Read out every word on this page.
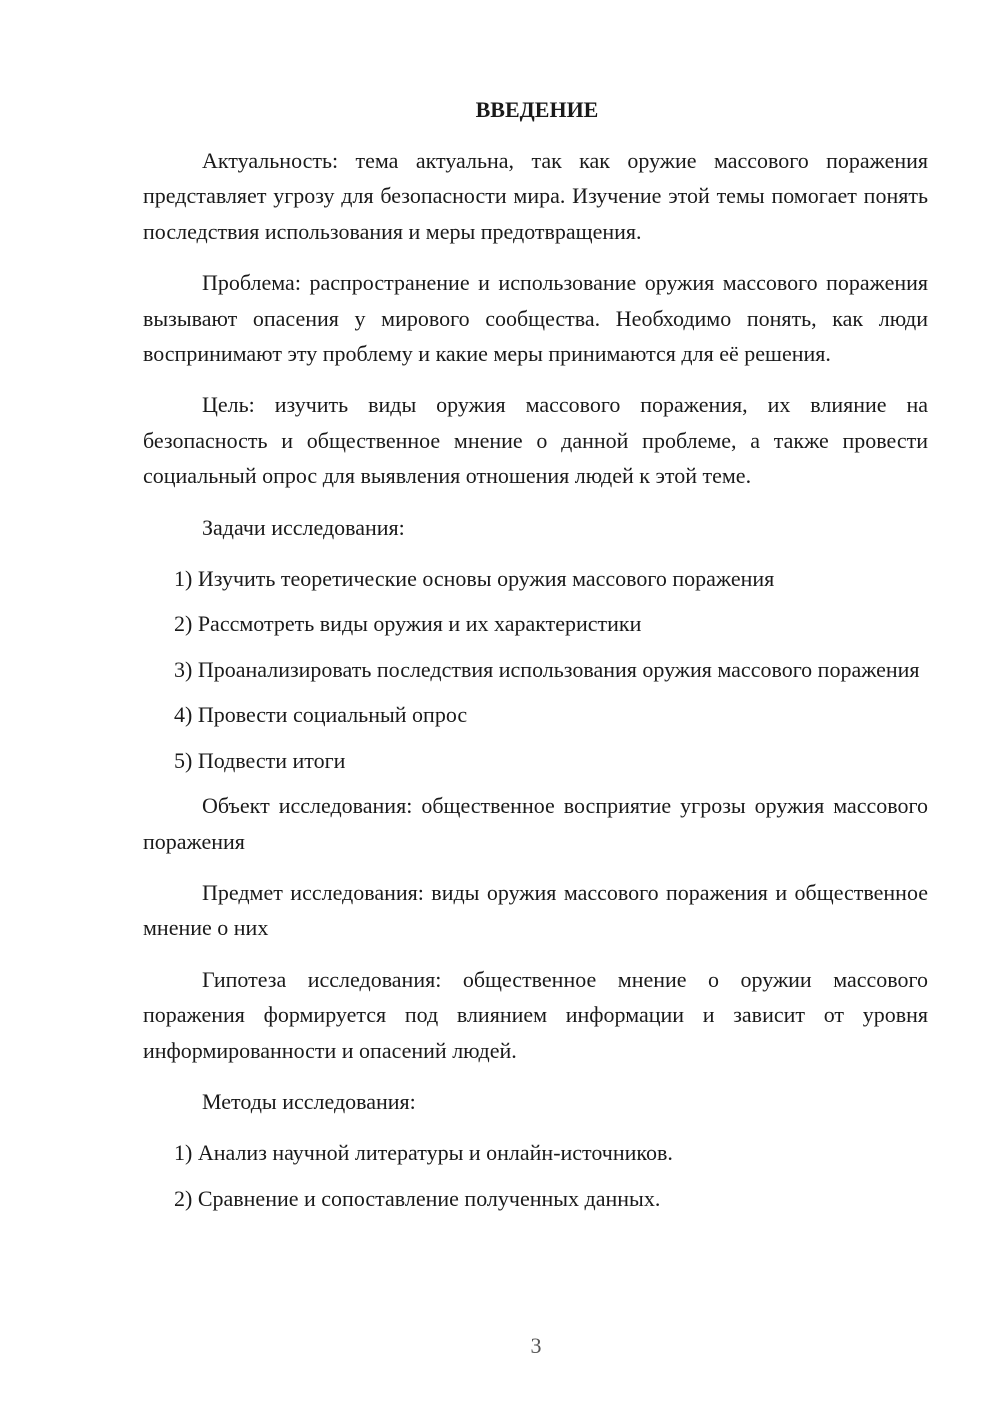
ВВЕДЕНИЕ

Актуальность: тема актуальна, так как оружие массового поражения представляет угрозу для безопасности мира. Изучение этой темы помогает понять последствия использования и меры предотвращения.

Проблема: распространение и использование оружия массового поражения вызывают опасения у мирового сообщества. Необходимо понять, как люди воспринимают эту проблему и какие меры принимаются для её решения.

Цель: изучить виды оружия массового поражения, их влияние на безопасность и общественное мнение о данной проблеме, а также провести социальный опрос для выявления отношения людей к этой теме.

Задачи исследования:

1) Изучить теоретические основы оружия массового поражения

2) Рассмотреть виды оружия и их характеристики

3) Проанализировать последствия использования оружия массового поражения

4) Провести социальный опрос

5) Подвести итоги

Объект исследования: общественное восприятие угрозы оружия массового поражения

Предмет исследования: виды оружия массового поражения и общественное мнение о них

Гипотеза исследования: общественное мнение о оружии массового поражения формируется под влиянием информации и зависит от уровня информированности и опасений людей.

Методы исследования:

1) Анализ научной литературы и онлайн-источников.

2) Сравнение и сопоставление полученных данных.

3
